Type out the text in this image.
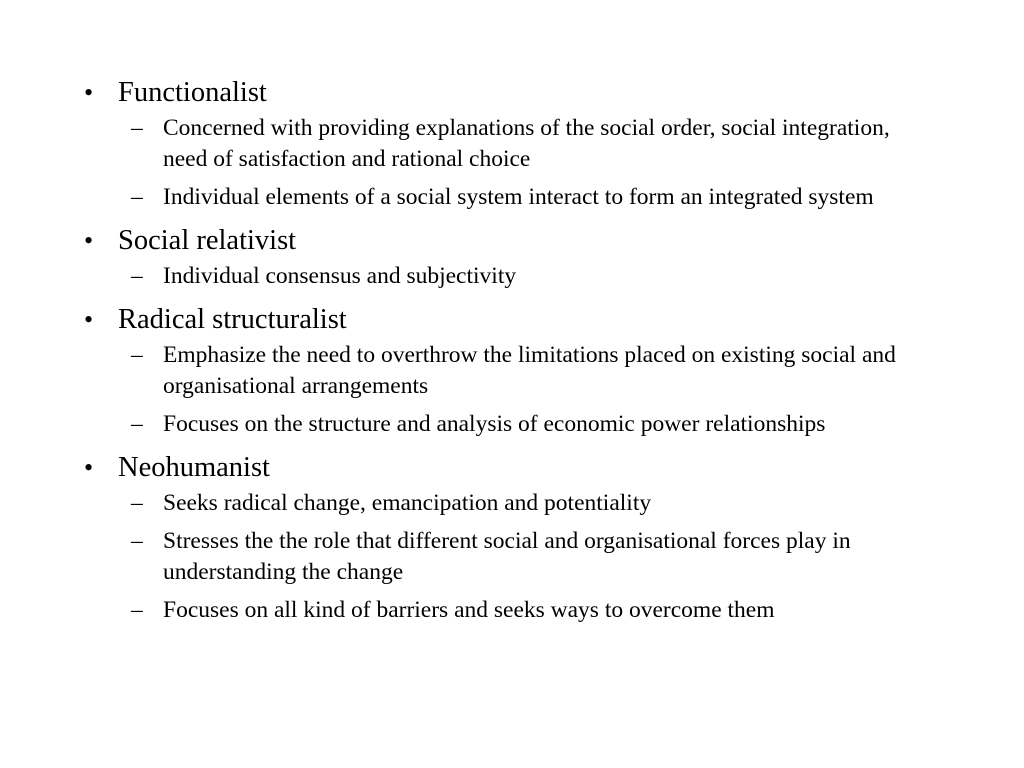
• Functionalist
– Concerned with providing explanations of the social order, social integration, need of satisfaction and rational choice
– Individual elements of a social system interact to form an integrated system
• Social relativist
– Individual consensus and subjectivity
• Radical structuralist
– Emphasize the need to overthrow the limitations placed on existing social and organisational arrangements
– Focuses on the structure and analysis of economic power relationships
• Neohumanist
– Seeks radical change, emancipation and potentiality
– Stresses the the role that different social and organisational forces play in understanding the change
– Focuses on all kind of barriers and seeks ways to overcome them
